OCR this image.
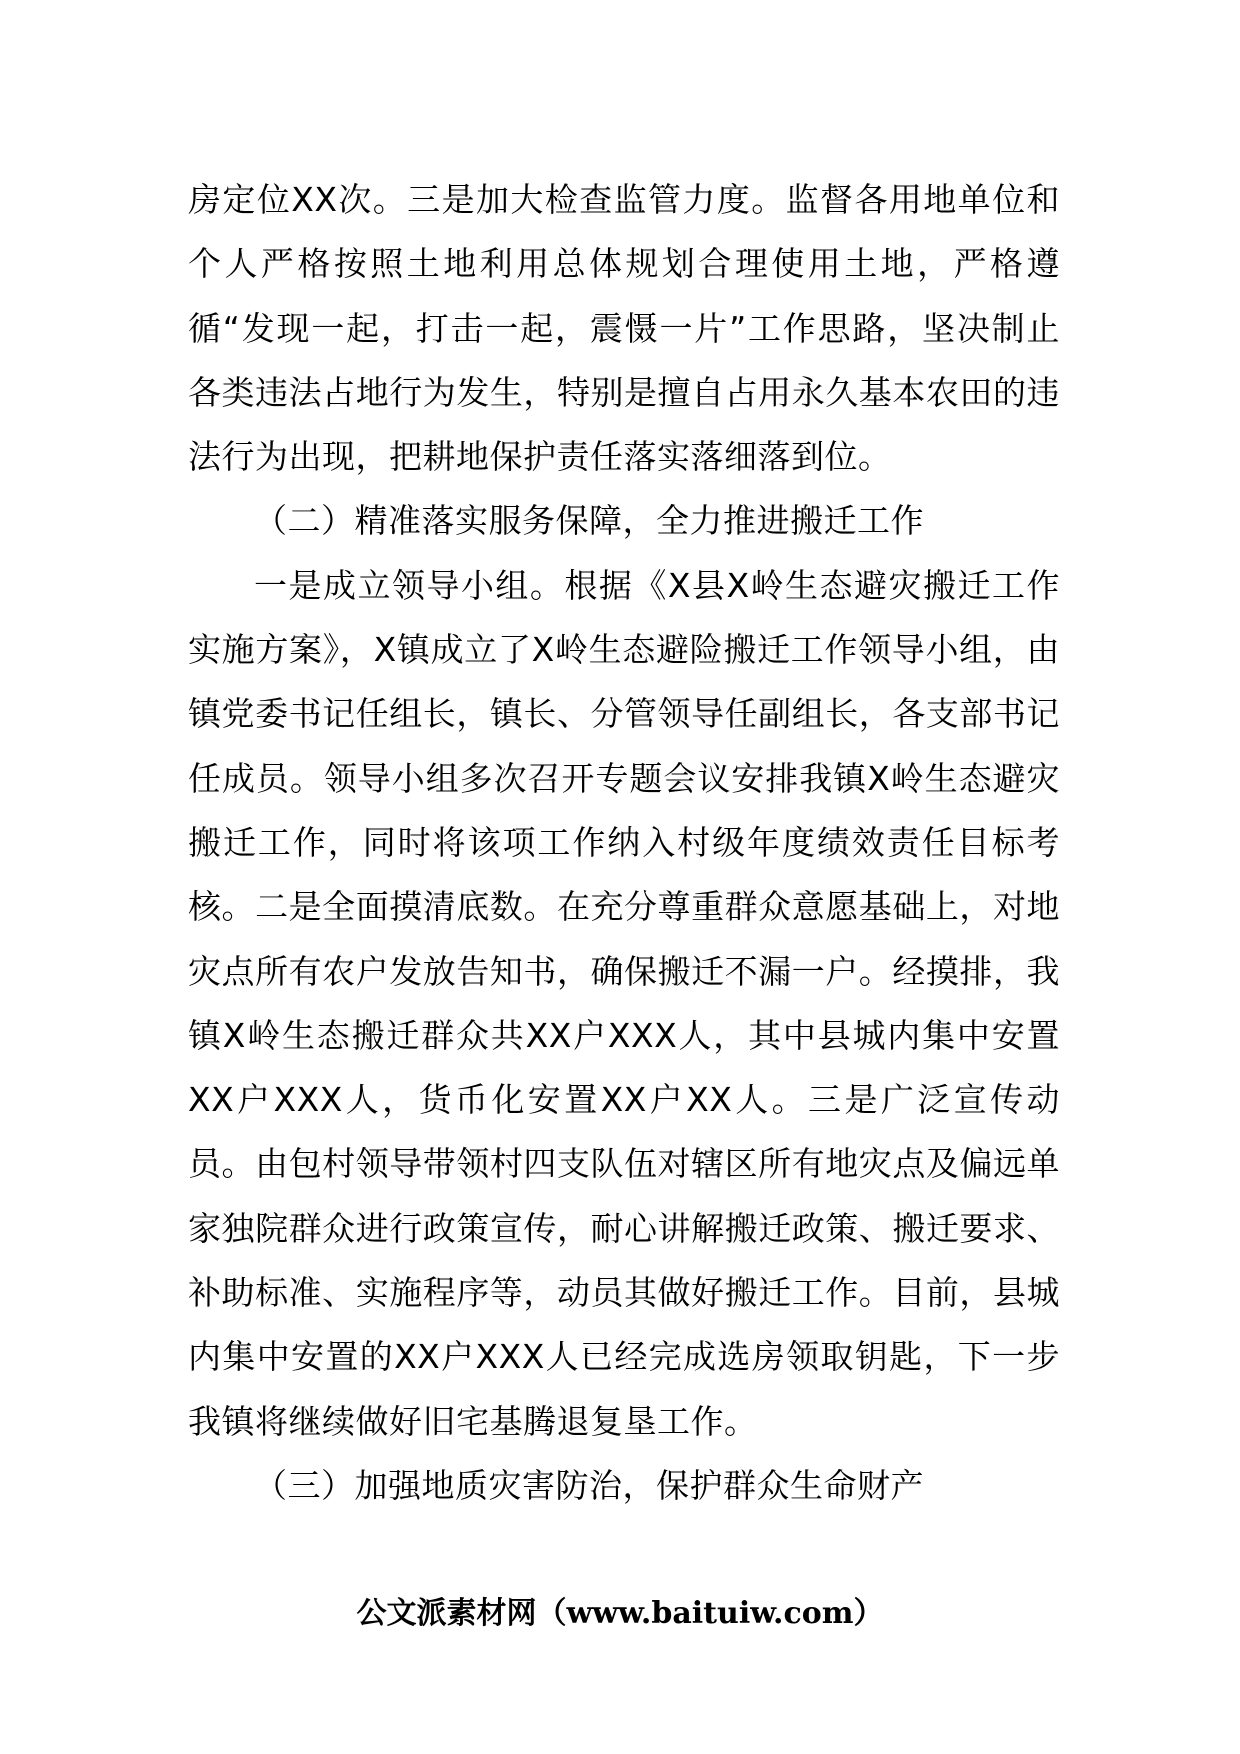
房定位XX次。三是加大检查监管力度。监督各用地单位和个人严格按照土地利用总体规划合理使用土地，严格遵循“发现一起，打击一起，震慑一片”工作思路，坚决制止各类违法占地行为发生，特别是擅自占用永久基本农田的违法行为出现，把耕地保护责任落实落细落到位。

（二）精准落实服务保障，全力推进搬迁工作

一是成立领导小组。根据《X县X岭生态避灾搬迁工作实施方案》，X镇成立了X岭生态避险搬迁工作领导小组，由镇党委书记任组长，镇长、分管领导任副组长，各支部书记任成员。领导小组多次召开专题会议安排我镇X岭生态避灾搬迁工作，同时将该项工作纳入村级年度绩效责任目标考核。二是全面摸清底数。在充分尊重群众意愿基础上，对地灾点所有农户发放告知书，确保搬迁不漏一户。经摸排，我镇X岭生态搬迁群众共XX户XXX人，其中县城内集中安置XX户XXX人，货币化安置XX户XX人。三是广泛宣传动员。由包村领导带领村四支队伍对辖区所有地灾点及偏远单家独院群众进行政策宣传，耐心讲解搬迁政策、搬迁要求、补助标准、实施程序等，动员其做好搬迁工作。目前，县城内集中安置的XX户XXX人已经完成选房领取钥匙，下一步我镇将继续做好旧宅基腾退复垦工作。

（三）加强地质灾害防治，保护群众生命财产

公文派素材网（www.baituiw.com）
